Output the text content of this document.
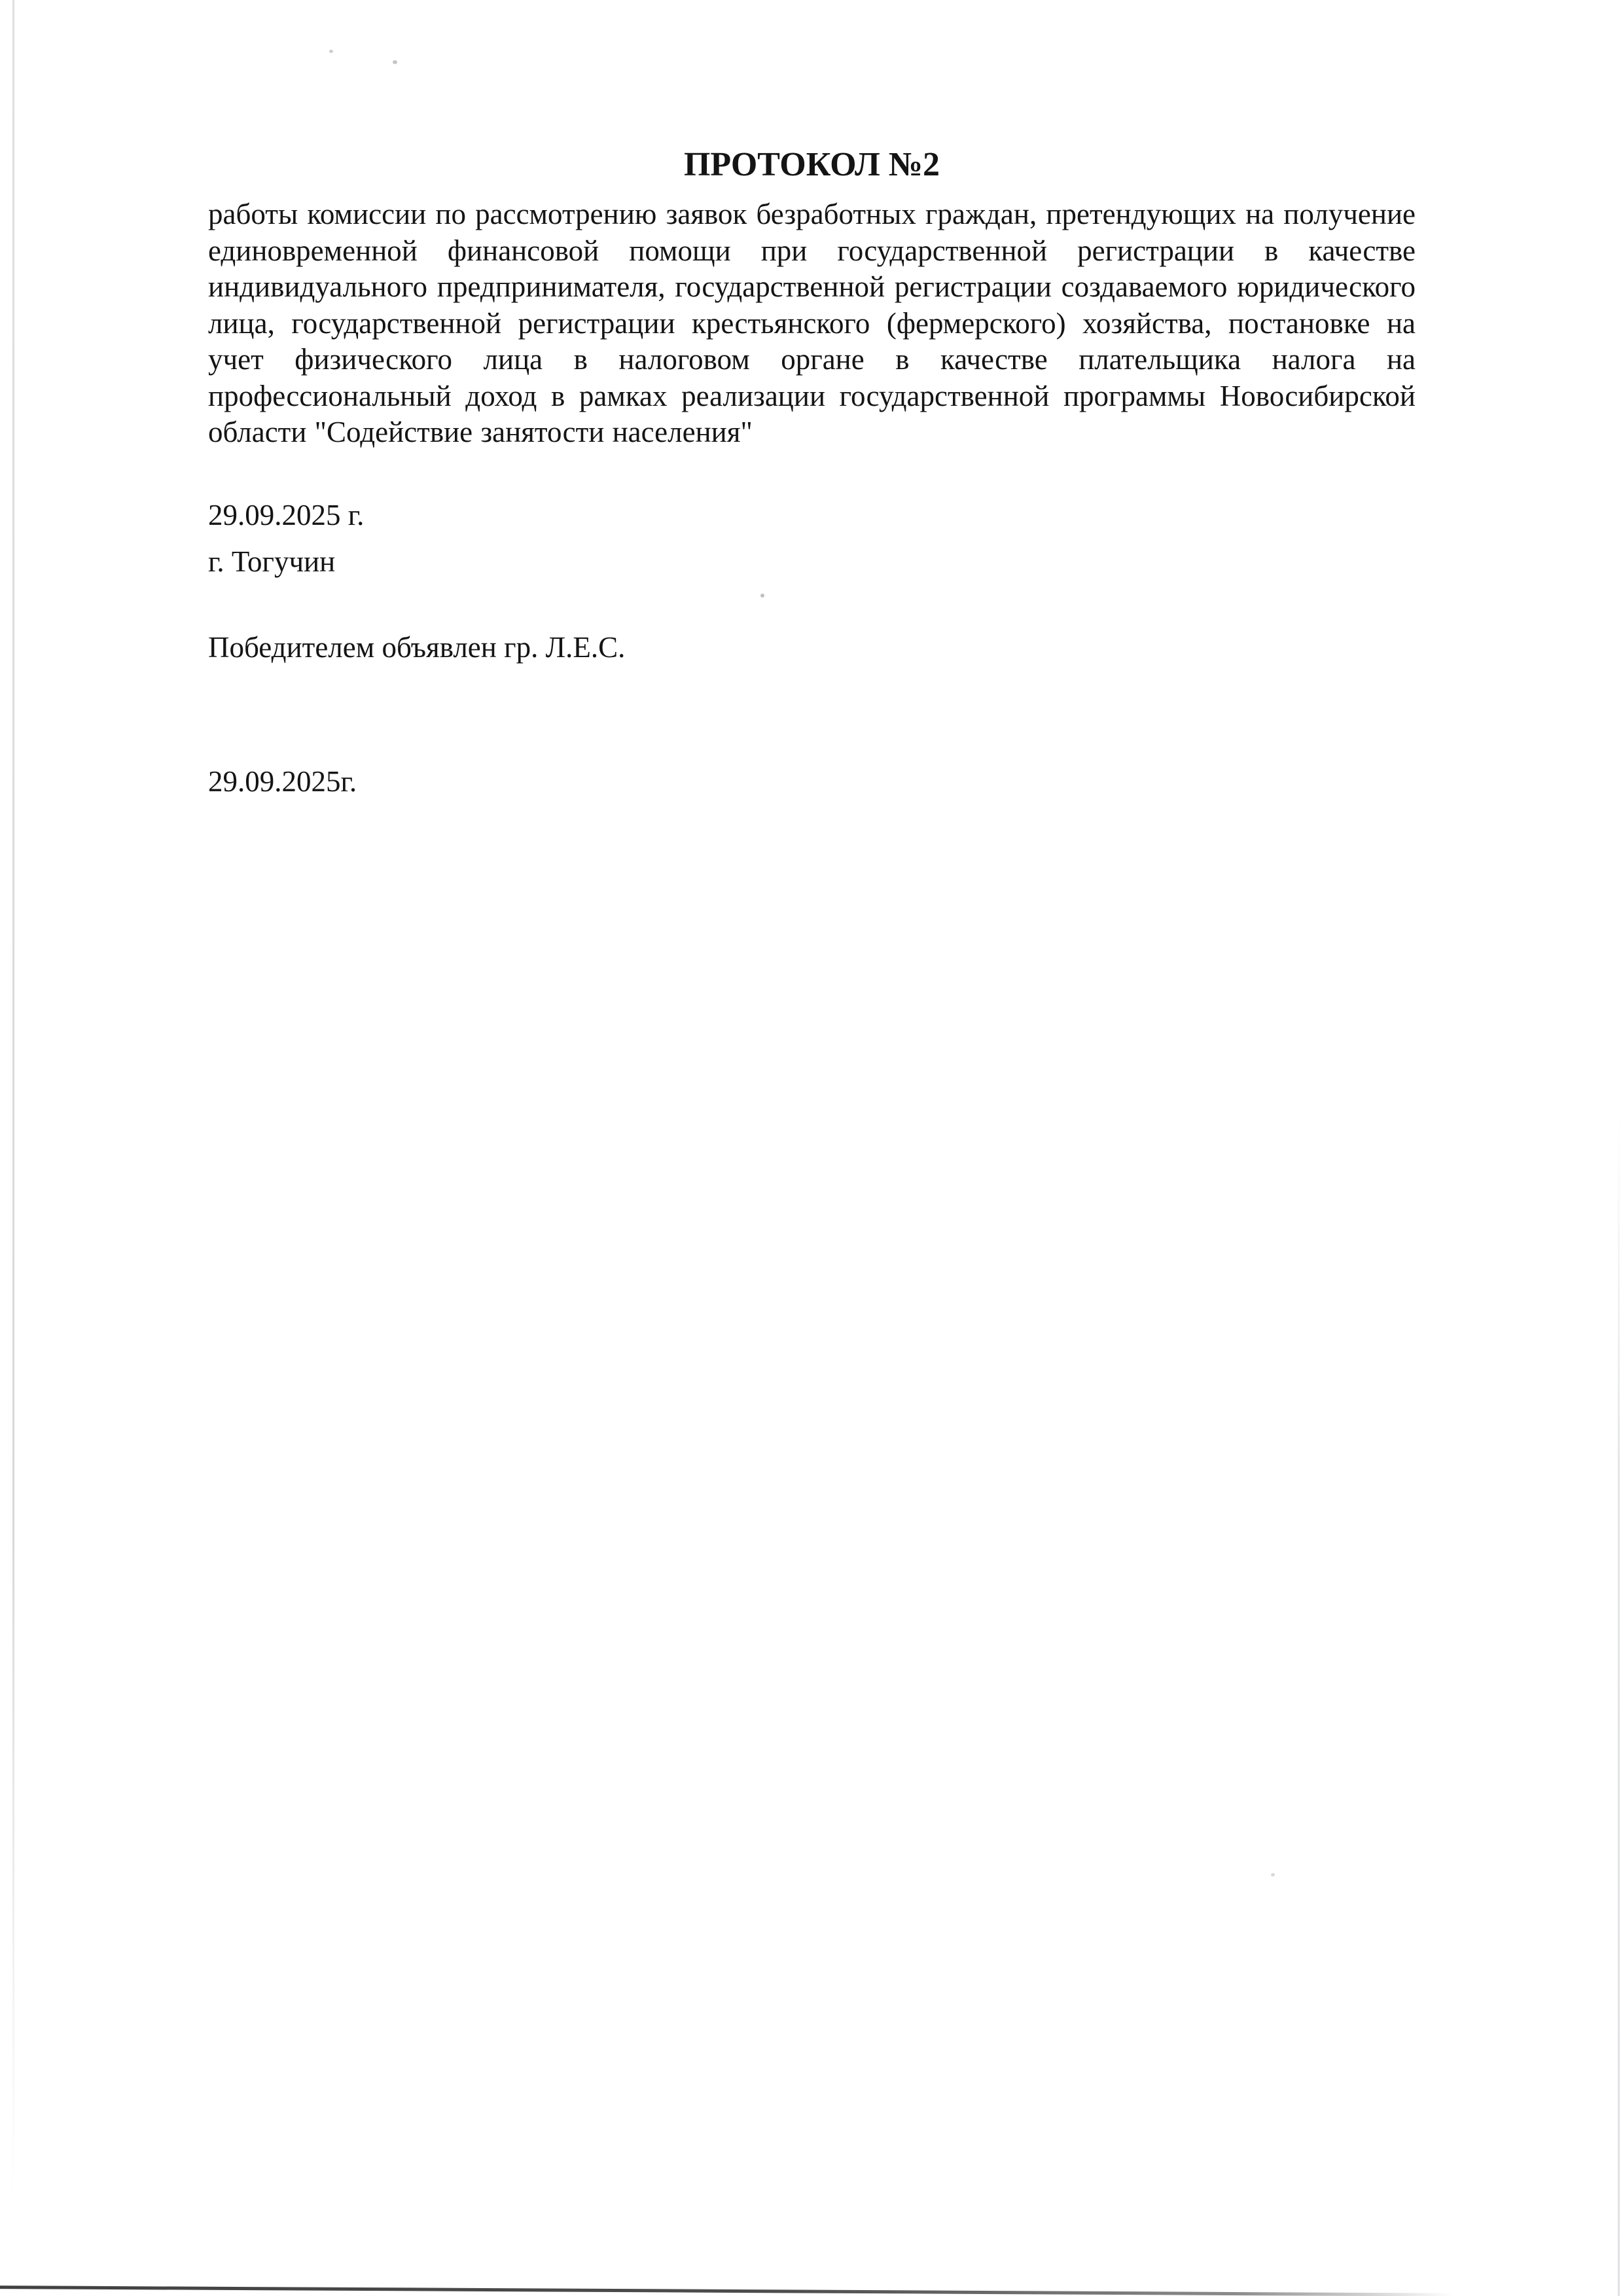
ПРОТОКОЛ №2

работы комиссии по рассмотрению заявок безработных граждан, претендующих на получение единовременной финансовой помощи при государственной регистрации в качестве индивидуального предпринимателя, государственной регистрации создаваемого юридического лица, государственной регистрации крестьянского (фермерского) хозяйства, постановке на учет физического лица в налоговом органе в качестве плательщика налога на профессиональный доход в рамках реализации государственной программы Новосибирской области "Содействие занятости населения"

29.09.2025 г.
г. Тогучин
Победителем объявлен гр. Л.Е.С.
29.09.2025г.
